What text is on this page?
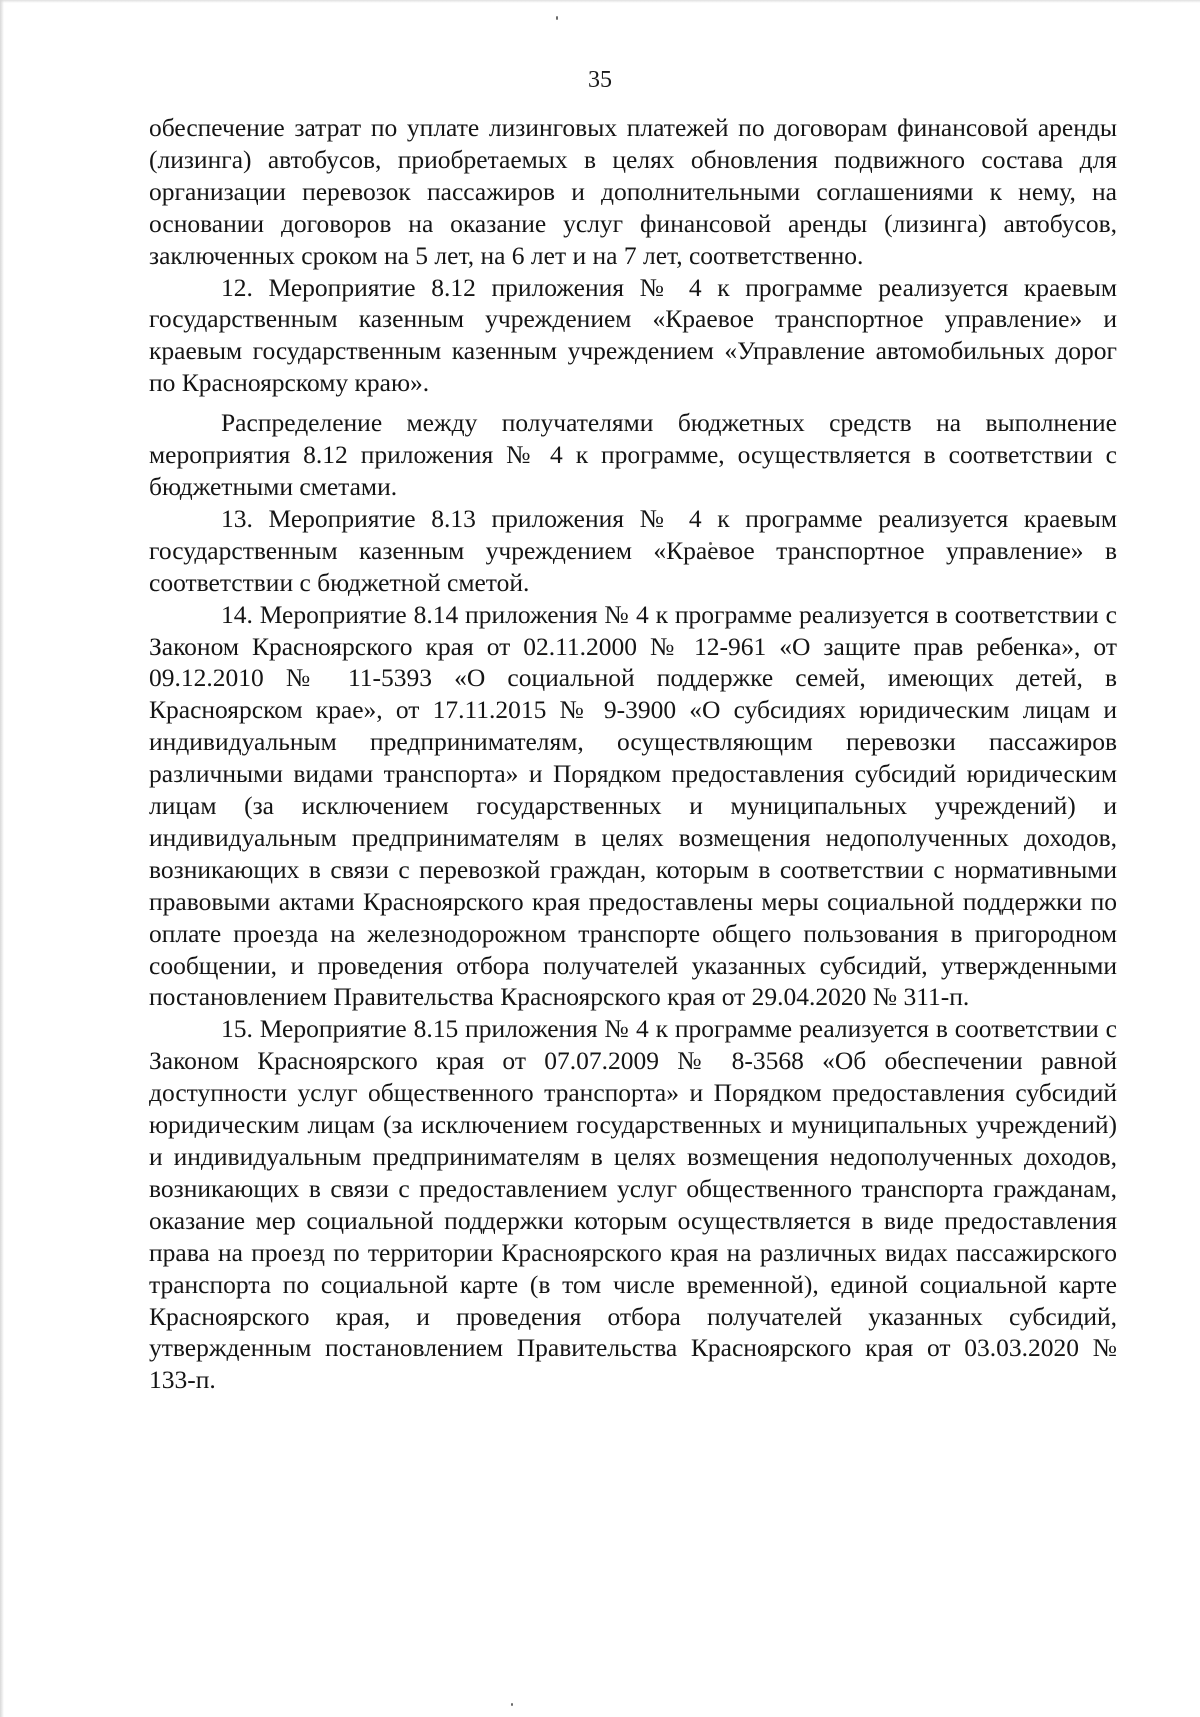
35

обеспечение затрат по уплате лизинговых платежей по договорам финансовой аренды (лизинга) автобусов, приобретаемых в целях обновления подвижного состава для организации перевозок пассажиров и дополнительными соглашениями к нему, на основании договоров на оказание услуг финансовой аренды (лизинга) автобусов, заключенных сроком на 5 лет, на 6 лет и на 7 лет, соответственно.

12. Мероприятие 8.12 приложения № 4 к программе реализуется краевым государственным казенным учреждением «Краевое транспортное управление» и краевым государственным казенным учреждением «Управление автомобильных дорог по Красноярскому краю».

Распределение между получателями бюджетных средств на выполнение мероприятия 8.12 приложения № 4 к программе, осуществляется в соответствии с бюджетными сметами.

13. Мероприятие 8.13 приложения № 4 к программе реализуется краевым государственным казенным учреждением «Краевое транспортное управление» в соответствии с бюджетной сметой.

14. Мероприятие 8.14 приложения № 4 к программе реализуется в соответствии с Законом Красноярского края от 02.11.2000 № 12-961 «О защите прав ребенка», от 09.12.2010 № 11-5393 «О социальной поддержке семей, имеющих детей, в Красноярском крае», от 17.11.2015 № 9-3900 «О субсидиях юридическим лицам и индивидуальным предпринимателям, осуществляющим перевозки пассажиров различными видами транспорта» и Порядком предоставления субсидий юридическим лицам (за исключением государственных и муниципальных учреждений) и индивидуальным предпринимателям в целях возмещения недополученных доходов, возникающих в связи с перевозкой граждан, которым в соответствии с нормативными правовыми актами Красноярского края предоставлены меры социальной поддержки по оплате проезда на железнодорожном транспорте общего пользования в пригородном сообщении, и проведения отбора получателей указанных субсидий, утвержденными постановлением Правительства Красноярского края от 29.04.2020 № 311-п.

15. Мероприятие 8.15 приложения № 4 к программе реализуется в соответствии с Законом Красноярского края от 07.07.2009 № 8-3568 «Об обеспечении равной доступности услуг общественного транспорта» и Порядком предоставления субсидий юридическим лицам (за исключением государственных и муниципальных учреждений) и индивидуальным предпринимателям в целях возмещения недополученных доходов, возникающих в связи с предоставлением услуг общественного транспорта гражданам, оказание мер социальной поддержки которым осуществляется в виде предоставления права на проезд по территории Красноярского края на различных видах пассажирского транспорта по социальной карте (в том числе временной), единой социальной карте Красноярского края, и проведения отбора получателей указанных субсидий, утвержденным постановлением Правительства Красноярского края от 03.03.2020 № 133-п.
